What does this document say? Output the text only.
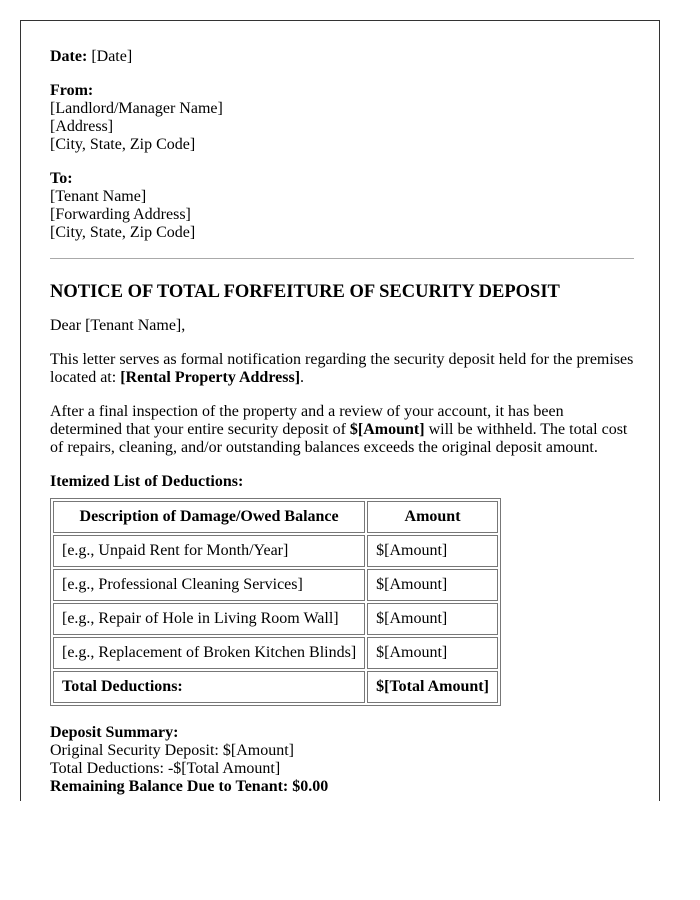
Date: [Date]

From:
[Landlord/Manager Name]
[Address]
[City, State, Zip Code]
To:
[Tenant Name]
[Forwarding Address]
[City, State, Zip Code]
NOTICE OF TOTAL FORFEITURE OF SECURITY DEPOSIT

Dear [Tenant Name],

This letter serves as formal notification regarding the security deposit held for the premises located at: [Rental Property Address].

After a final inspection of the property and a review of your account, it has been determined that your entire security deposit of $[Amount] will be withheld. The total cost of repairs, cleaning, and/or outstanding balances exceeds the original deposit amount.

Itemized List of Deductions:

Description of Damage/Owed Balance	Amount
[e.g., Unpaid Rent for Month/Year]	$[Amount]
[e.g., Professional Cleaning Services]	$[Amount]
[e.g., Repair of Hole in Living Room Wall]	$[Amount]
[e.g., Replacement of Broken Kitchen Blinds]	$[Amount]
Total Deductions:	$[Total Amount]
Deposit Summary:
Original Security Deposit: $[Amount]
Total Deductions: -$[Total Amount]
Remaining Balance Due to Tenant: $0.00
